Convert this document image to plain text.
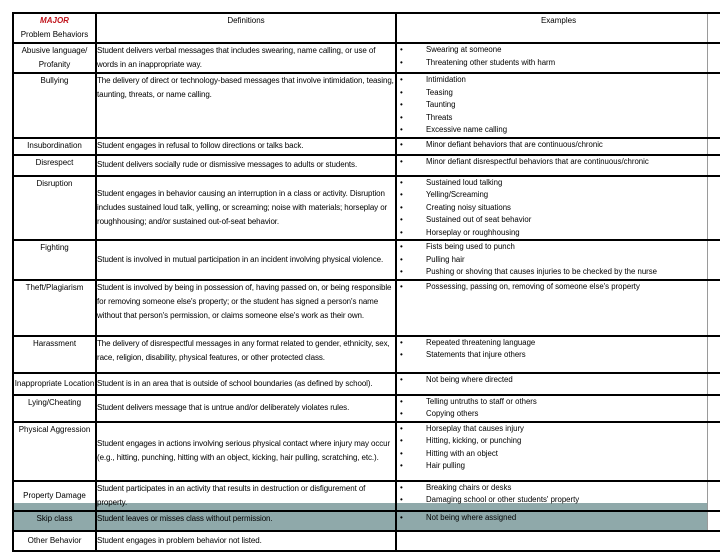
MAJOR
Problem Behaviors	Definitions	Examples
Abusive language/ Profanity	Student delivers verbal messages that includes swearing, name calling, or use of words in an inappropriate way.	
•	Swearing at someone
•	Threatening other students with harm

Bullying	The delivery of direct or technology-based messages that involve intimidation, teasing, taunting, threats, or name calling.	
•	Intimidation
•	Teasing
•	Taunting
•	Threats
•	Excessive name calling

Insubordination	Student engages in refusal to follow directions or talks back.	•	Minor defiant behaviors that are continuous/chronic

Disrespect	Student delivers socially rude or dismissive messages to adults or students.	•	Minor defiant disrespectful behaviors that are continuous/chronic

Disruption	Student engages in behavior causing an interruption in a class or activity. Disruption includes sustained loud talk, yelling, or screaming; noise with materials; horseplay or roughhousing; and/or sustained out-of-seat behavior.	
•	Sustained loud talking
•	Yelling/Screaming
•	Creating noisy situations
•	Sustained out of seat behavior
•	Horseplay or roughhousing

Fighting	Student is involved in mutual participation in an incident involving physical violence.	
•	Fists being used to punch
•	Pulling hair
•	Pushing or shoving that causes injuries to be checked by the nurse

Theft/Plagiarism	Student is involved by being in possession of, having passed on, or being responsible for removing someone else's property; or the student has signed a person's name without that person's permission, or claims someone else's work as their own.	
•	Possessing, passing on, removing of someone else's property

Harassment	The delivery of disrespectful messages in any format related to gender, ethnicity, sex, race, religion, disability, physical features, or other protected class.	
•	Repeated threatening language
•	Statements that injure others

Inappropriate Location	Student is in an area that is outside of school boundaries (as defined by school).	•	Not being where directed

Lying/Cheating	Student delivers message that is untrue and/or deliberately violates rules.	
•	Telling untruths to staff or others
•	Copying others

Physical Aggression	Student engages in actions involving serious physical contact where injury may occur (e.g., hitting, punching, hitting with an object, kicking, hair pulling, scratching, etc.).	
•	Horseplay that causes injury
•	Hitting, kicking, or punching
•	Hitting with an object
•	Hair pulling

Property Damage	Student participates in an activity that results in destruction or disfigurement of property.	
•	Breaking chairs or desks
•	Damaging school or other students' property

Skip class	Student leaves or misses class without permission.	•	Not being where assigned

Other Behavior	Student engages in problem behavior not listed.	
